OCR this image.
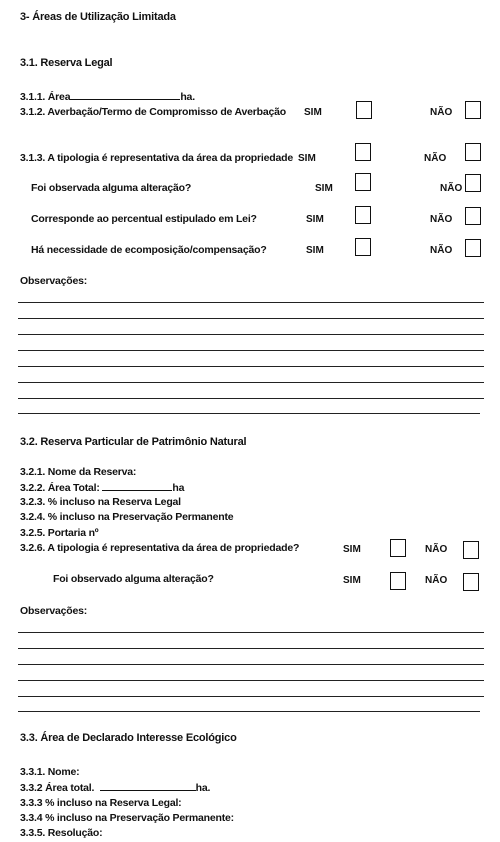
3- Áreas de Utilização Limitada
3.1. Reserva Legal
3.1.1. Área	ha.
3.1.2. Averbação/Termo de Compromisso de Averbação SIM	NÃO
3.1.3. A tipologia é representativa da área da propriedade SIM	NÃO
Foi observada alguma alteração?	SIM	NÃO
Corresponde ao percentual estipulado em Lei?	SIM	NÃO
Há necessidade de ecomposição/compensação?	SIM	NÃO
Observações:
3.2. Reserva Particular de Patrimônio Natural
3.2.1. Nome da Reserva:
3.2.2. Área Total:	ha
3.2.3. % incluso na Reserva Legal
3.2.4. % incluso na Preservação Permanente
3.2.5. Portaria nº
3.2.6. A tipologia é representativa da área de propriedade?	SIM	NÃO
Foi observado alguma alteração?	SIM	NÃO
Observações:
3.3. Área de Declarado Interesse Ecológico
3.3.1. Nome:
3.3.2 Área total.	ha.
3.3.3 % incluso na Reserva Legal:
3.3.4 % incluso na Preservação Permanente:
3.3.5. Resolução:
